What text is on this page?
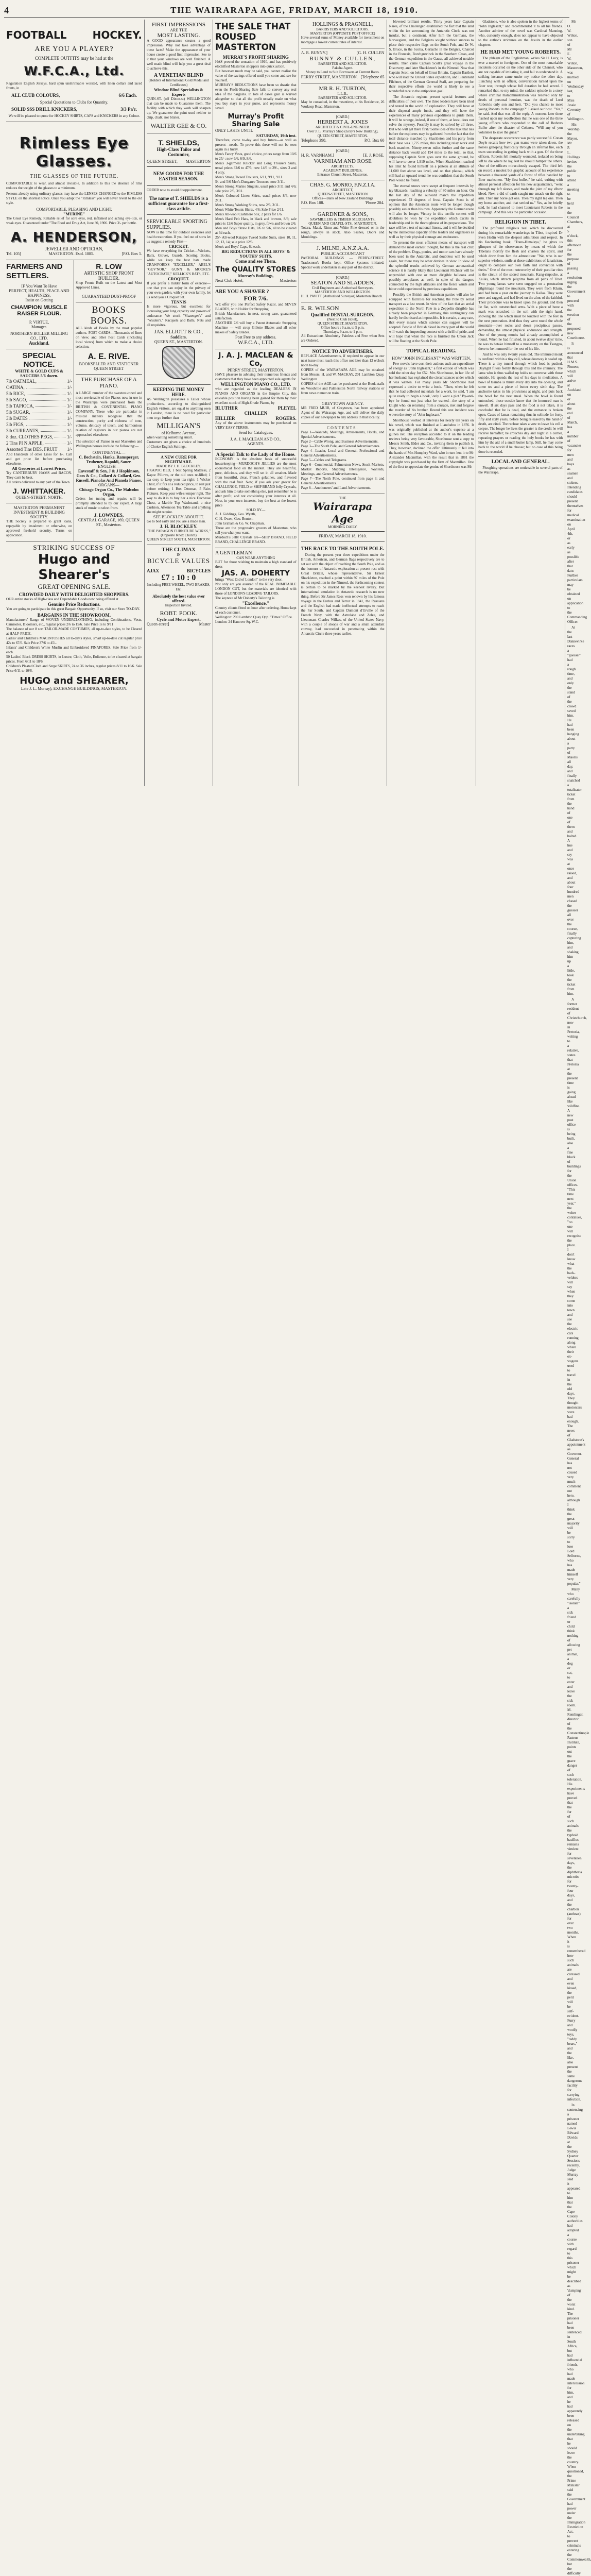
4	THE WAIRARAPA AGE, FRIDAY, MARCH 18, 1910.
FOOTBALL	HOCKEY.
ARE YOU A PLAYER?
COMPLETE OUTFITS may be had at the
W.F.C.A., Ltd.
Regulation English Jerseys, hard spun unshrinkable worsted, with linen collars and laced fronts, in
ALL CLUB COLOURS,	6/6 Each.
Special Quotations to Clubs for Quantity.
SOLID SSS DRILL KNICKERS,	3/3 Pa'r.
We will be pleased to quote for HOCKEY SHIRTS, CAPS and KNICKERS in any Colour.
Rimless Eye Glasses.
THE GLASSES OF THE FUTURE.
COMFORTABLE to wear, and almost invisible. In addition to this the absence of rims reduces the weight of the glasses to a minimum.
Persons already using ordinary glasses may have the LENSES CHANGED to the RIMLESS STYLE on the shortest notice. Once you adopt the "Rimless" you will never revert to the old style.
COMFORTABLE, PLEASING AND LIGHT.
"MURINE"
The Great Eye Remedy. Reliable relief for sore eyes, red, inflamed and aching eye-lids, or weak eyes. Guaranteed under "The Food and Drug Act, June 30, 1906. Price 3/- per bottle.
A. HENDERSON,
JEWELLER AND OPTICIAN,
Tel. 105]	MASTERTON. Estd. 1885.	[P.O. Box 5.
FARMERS AND SETTLERS.
IF You Want To Have
PERFECT, HEALTH, PEACE AND HAPPINESS,
Insist on Getting
CHAMPION MUSCLE RAISER FLOUR.
P. VIRTUE,
Manager.
NORTHERN ROLLER MILLING CO., LTD.
Auckland.
SPECIAL NOTICE.
WHITE & GOLD CUPS & SAUCERS 5/6 dozen.
7lb OATMEAL,	1/-
OATINA,	1/-
5lb RICE,	1/-
5lb SAGO,	1/-
5lb TAPIOCA,	1/-
5lb SUGAR,	1/-
3lb DATES	1/-
3lb FIGS,	1/-
3lb CURRANTS,	1/-
8 doz. CLOTHES PEGS,	1/-
2 Tins PI N APPLE,	1/-
Assorted Tins DES. FRUIT 1/-
And Hundreds of other Lines for 1/-. Call and get price list before purchasing elsewhere.
All Groceries at Lowest Prices.
Try CANTERBURY HAMS and BACON. They can't be beat.
All orders delivered to any part of the Town.
J. WHITTAKER.
QUEEN-STREET, NORTH.
MASTERTON PERMANENT INVESTMENT & BUILDING SOCIETY.
THE Society is prepared to grant loans, repayable by instalment or otherwise, on approved freehold security. Terms on application.
R. LOW
ARTISTIC SHOP FRONT BUILDER.
Shop Fronts Built on the Latest and Most Approved Lines.
GUARANTEED DUST-PROOF
BOOKS BOOKS.
ALL kinds of Books by the most popular authors. POST CARDS—Thousands of lines on view, and other Post Cards (including local views) from which to make a choice selection.
A. E. RIVE.
BOOKSELLER AND STATIONER QUEEN STREET
THE PURCHASE OF A PIANO.
A LARGE number of the sweetest-toned and most serviceable of the Pianos now in use in the Wairarapa were purchased from the BRITISH & CONTINENTAL PIANO COMPANY. These who are particular in musical matters recognise that the construction, purity and richness of tone, volume, delicacy of touch, and harmonious relation of registers in our pianos are not approached elsewhere.
The selection of Pianos in our Masterton and Wellington houses include the following:—
CONTINENTAL—
C. Bechstein, Hanke, Ramsperger, Trubener, Rapoldi, Sauer.
ENGLISH—
Eavestaff & Sen, J & J Hopkinson, Goss & Co., Collard & Collard, Geo. Russell, Pianolas And Pianola Pianos.
ORGANS—
Chicago Organ Co., The Malcolm Organ.
Orders for tuning and repairs will be promptly attended to by our expert. A large stock of music to select from.
J. LOWNDES,
CENTRAL GARAGE, 169, QUEEN ST., Masterton.
STRIKING SUCCESS OF
Hugo and Shearer's
GREAT OPENING SALE.
CROWDED DAILY WITH DELIGHTED SHOPPERS.
OUR entire stocks of High-class and Dependable Goods now being offered at
Genuine Price Reductions.
You are going to participate in this great Bargain Opportunity. If so, visit our Store TO-DAY.
BARGAINS IN THE SHOWROOM.
Manufacturers' Range of WOVEN UNDERCLOTHING, including Combinations, Vests, Camisoles, Bloomers, etc., regular prices 2/6 to 15/6. Sale Price 1s to 9/11
The balance of our 8 sort TAILOR-MADE COSTUMES, all up-to-date styles, to be Cleared at HALF-PRICE.
Ladies' and Children's MACINTOSHES all to-day's styles, smart up-to-date cut regular price 42s to 67/6. Sale Price 37/6 to 45/-.
Infants' and Children's White Muslin and Embroidered PINAFORES. Sale Price from 1/- each.
50 Ladies' Black DRESS SKIRTS, in Lustre, Cloth, Voile, Eolienne, to be cleared at bargain prices. From 6/11 to 18/6.
Children's Pleated Cloth and Serge SKIRTS, 24 to 36 inches, regular prices 8/11 to 16/6. Sale Price 6/11 to 10/6.
HUGO and SHEARER,
Late J. L. Murray), EXCHANGE BUILDINGS, MASTERTON.
FIRST IMPRESSIONS
ARE THE
MOST LASTING.
A GOOD appearance creates a good impression. Why not take advantage of these facts? Make the appearance of your house create a good first impression. See to it that your windows are well finished. A well made blind will help you a great deal to achieve this.
A VENETIAN BLIND
(Holders of International Gold Medal and Certificates)
Window Blind Specialists & Experts
QUIN-ST. (off Dixon-st) WELLINGTON that can be made to Guarantee them. The facility with which they work will sharpen up. We guarantee the paint used neither to chip, chalk, nor blister.
WALTER GEE & CO.
T. SHIELDS,
High-Class Tailor and Costumier,
QUEEN STREET, MASTERTON
NEW GOODS FOR THE EASTER SEASON.
ORDER now to avoid disappointment.
The name of T. SHIELDS is a sufficient guarantee for a first-class article.
SERVICEABLE SPORTING SUPPLIES.
NOW is the time for outdoor exercises and health restoration. If you feel out of sorts let us suggest a remedy First—
CRICKET.
We have everything for Cricket—Wickets, Balls, Gloves, Guards, Scoring Books, while we keep the best bats made CRAWFORD'S "EXCELLER," ABEL'S "GUV'NOR," GUNN & MOORE'S "AUTOCRATE," KELLICK'S BATS, ETC.
CROQUET.
If you prefer a milder form of exercise—one that you can enjoy in the privacy of your own garden, with your own family, let us send you a Croquet Set.
TENNIS
Is more vigorous, but excellent for increasing your lung capacity and powers of endurance. We stock "Slazenger's" and "Wisden's." Racquets and Balls, Nets and all requisites.
JAS. ELLIOTT & CO.,
Saddlers.
QUEEN ST., MASTERTON.
KEEPING THE MONEY HERE.
AS Wellington possesses a Tailor whose productions, according to distinguished English visitors, are equal to anything seen in London, there is no need for particular men to go further than
MILLIGAN'S
of Kelburne Avenue,
when wanting something smart.
Customers are given a choice of hundreds of Choice English Suitings.
A NEW CURE FOR NIGHTMARE.
MADE BY J. H. BLOCKLEY.
I KAPOC BED, 1 best Spring Mattress, 2 Kapoc Pillows, or the old ones re-filled; 1 tea cosy to keep your tea right; 1 Wicker Chair, if it fits at a reduced price, to rest just before retiring; 1 Box Ottoman, 5 Fairs Pictures. Keep your wife's temper right. The way to do it is to buy her a nice Duchesse Chest, a Marble Top Washstand, a nice Cushion, Afternoon Tea Table and anything she might require.
SEE BLOCKLEY ABOUT IT.
Go to bed early and you are a made man.
J. H. BLOCKLEY.
"THE PARAGON FURNITURE WORKS,"
(Opposite Knox Church)
QUEEN STREET SOUTH, MASTERTON.
THE CLIMAX
IN
BICYCLE VALUES
AJAX	BICYCLES
£7 : 10 : 0
Including FREE WHEEL, TWO BRAKES, Etc.
Absolutely the best value ever offered.
Inspection Invited.
ROBT. POOK.
Cycle and Motor Expert,
Queen-street]	Master
THE SALE THAT ROUSED MASTERTON
MURRAY'S PROFIT SHARING
HAS proved the sensation of 1910, and has positively electrified Masterton shoppers into quick action.
But however much may be said, you cannot realise the value of the savings offered until you come and see for yourself.
MURRAY'S REDUCTIONS have been so drastic that even the Profit-Sharing Sale falls to convey any real idea of the bargains. In lots of cases gain is waived altogether so that all the profit usually made on what you buy stays in your purse, and represents money saved.
Murray's Profit Sharing Sale
ONLY LASTS UNTIL
SATURDAY, 19th inst.
Therefore, come to-day and buy future—as well as present—needs. To prove this these will not be seen again in a hurry.
Men's Fancy Vests, good choice, prices range from 10/6 to 25/-; now 6/6, 6/9, 8/6.
Men's 3-garment Knicker and Long Trousers Suits, usual prices 32/6 to 47/6; now 14/6 to 29/-, sizes 3 and 4 only.
Men's Strong Tweed Trousers, 6/11, 9/11, 9/11.
5/- and 5/6 Men's Dungaree Trousers, now 3/11.
Men's Strong Marino Singlets, usual price 3/11 and 4/6; sale price 2/6, 3/11.
Men's Coloured Linen Shirts, usual prices 8/6, now 2/11.
Men's Strong Working Shirts, now 2/6, 3/11.
Men's White Tennis Shirts, 4/6; Sale Price 2/11.
Men's All-wool Cashmere Sox, 2 pairs for 1/6.
Men's Hard Felt Hats, in black and browns, 8/6; sale price is 12/6 Super quality, in grey, fawn and brown 2/6.
Men and Boys' Straw Hats, 2/6 to 5/6, all to be cleared at 6d each.
25/- All-wool Kaiapoi Tweed Sailor Suits, sizes 10, 11, 12, 13, 14; sale price 12/6.
Men's and Boys' Caps, 6d each.
BIG REDUCTIONS IN ALL BOYS' & YOUTHS' SUITS.
Come and see Them.
The QUALITY STORES
Murray's Buildings,
Next Club Hotel,	Masterton
ARE YOU A SHAVER ?
FOR 7/6.
WE offer you one Perfect Safety Razor, and SEVEN BLADES, with Holder for Stropping.
British Manufacture, in neat, strong case, guaranteed satisfaction.
ANOTHER 7/6 will buy a Patent Automatic Stropping Machine — will strop Gillette Blades and all other makes of Safety Blades.
Post Free to any address.
W.F.C.A., LTD.
J. A. J. MACLEAN & Co,
PERRY STREET, MASTERTON.
HAVE pleasure in advising their numerous friends and customers that they have been appointed sole agents for
WELLINGTON PIANO CO., LTD.
who are regarded as the leading DEALERS IN PIANOS AND ORGANS in the Empire City, this enviable position having been gained for them by their excellent stock of High-Grade Pianos, by
BLUTHER	PLEYEL
CHALLEN
HILLIER	ROGERS.
Any of the above instruments may be purchased on VERY EASY TERMS.
Send for Catalogues.
J. A. J. MACLEAN AND CO.,
AGENTS.
A Special Talk to the Lady of the House.
ECONOMY is the absolute basis of successful housekeeping—MURDOCH'S JELLIES are the most economical food on the market. They are healthful, pure, delicious, and they will set in all weather. Made from beautiful, clear, French gelatines, and flavored with the real fruit. Now, if you ask your grocer for CHALLENGE, FIELD or SHIP BRAND Jelly Crystals, and ask him to take something else, just remember he is after profit, and not considering your interests at all. Now, in your own interests, buy the best at the lowest price
SOLD BY—
A. J. Giddings, Geo. Wyeth,
C. H. Owen, Geo. Benton.
John Graham & Co. W. Chapman.
These are the progressive grocers of Masterton, who sell you what you want.
Murdoch's Jelly Crystals are—SHIP BRAND, FIELD BRAND, CHALLENGE BRAND.
A GENTLEMAN
CAN WEAR ANYTHING
BUT for those wishing to maintain a high standard of dress
JAS. A. DOHERTY
brings "West End of London" to the very door.
Not only are you assured of the REAL INIMITABLE LONDON CUT, but the materials are identical with those of LONDON'S LEADING TAILORS.
The keynote of Mr Doherty's Tailoring is
"Excellence."
Country clients fitted on hour after ordering. Home kept of each customer.
Wellington: 200 Lambton Quay Opp. "Times" Office.
London: 24 Hanover Sq. W.C.
HOLLINGS & PRAGNELL,
BARRISTERS AND SOLICITORS.
MASTERTON (OPPOSITE POST OFFICE)
Have several sums of Money available for investment on mortgage a lowest current rates of interest.
A. R. BUNNY.]	[G. H. CULLEN
BUNNY & CULLEN,
BARRISTER AND SOLICITOR.
Pakeha Agent.
Money to Lend to Suit Borrowers at Current Rates.
PERRY STREET, MASTERTON. [Telephone 65
MR R. H. TURTON,
L.L.B.,
BARRISTER AND SOLICITOR.
May be consulted, in the meantime, at his Residence, 26 Worksop Road, Masterton.
[CARD.]
HERBERT A. JONES
ARCHITECT & CIVIL-ENGINEER.
Over J. L. Murray's Shop (Gray's New Building),
QUEEN STREET, MASTERTON.
Telephone 398.	P.O. Box 60
[CARD.]
H. R. VARNHAM.]	[E. J. ROSE.
VARNHAM AND ROSE
ARCHITECTS,
ACADEMY BUILDINGS,
Entrance Church Street, Masterton.
CHAS. G. MONRO, F.N.Z.I.A.
ARCHITECT,
QUEEN-STREET, MASTERTON
Offices—Bank of New Zealand Buildings
P.O. Box 108.	'Phone 284.
GARDNER & SONS,
SAWMILLERS & TIMBER MERCHANTS,
QUEEN AND CHAPEL-STS., MASTERTON.
Totara, Matai, Rimu and White Pine dressed or in the rough, always in stock. Also Sashes, Doors and Mouldings.
J. MILNE, A.N.Z.A.A.
PUBLIC ACCOUNTANT
PASTORAL BUILDINGS — PERRY-STREET. Tradesmen's Books kept. Office Systems initiated. Special work undertaken in any part of the district.
[CARD.]
SEATON AND SLADDEN,
Civil Engineers and Authorised Surveyors,
MASTERTON AND WELLINGTON.
H. H. PAVITT (Authorised Surveyor) Masterton Branch.
E. R. WILSON
Qualified DENTAL SURGEON,
(Next to Club Hotel),
QUEEN STREET, MASTERTON.
Office hours : 9 a.m. to 5 p.m.
Thursdays, 9 a.m. to 1 p.m.
All Extractions Absolutely Painless and Free when Sets are Ordered.
NOTICE TO ADVERTISERS.
REPLACE Advertisements, if required to appear in our next issue must reach this office not later than 12 o'clock noon to-day
COPIES of the WAIRARAPA AGE may be obtained from Messrs. H. and W. MACKAY, 201 Lambton Quay, Wellington
COPIES of the AGE can be purchased at the Book-stalls on Woodville and Palmerston North railway stations or from news runner on train.
GREYTOWN AGENCY.
MR FRED MUIR, of Greytown, has been appointed Agent of the Wairarapa Age, and will deliver the daily copies of our newspaper to any address in that locality.
CONTENTS.
Page 1—Wanteds, Meetings, Amusements, Hotels, and Special Advertisements.
Page 2—Cable Wrong, and Business Advertisements.
Page 3—The South Pole, and General Advertisements.
Page 4—Leader, Local and General, Professional and General Advertisements.
Page 5—Cables and Telegrams.
Page 6—Commercial, Palmerston News, Stock Markets, Market Reports, Shipping Intelligence, Wanteds, Meetings, and General Advertisements.
Page 7—The North Pole, continued from page 3; and General Advertisements.
Page 8—Auctioneers' and Land Advertisements.
THE
Wairarapa Age
MORNING DAILY.
FRIDAY, MARCH 18, 1910.
THE RACE TO THE SOUTH POLE.

During the present year three expeditions under the British, American, and German flags respectively are to set out with the object of reaching the South Pole, and as the honours of Antarctic exploration at present rest with Great Britain, whose representative, Sir Ernest Shackleton, reached a point within 97 miles of the Pole on his expedition in the Nimrod, the forthcoming contest is certain to be marked by the keenest rivalry. But international emulation in Antarctic research is no new thing. Before Sir James Ross won renown by his famous voyage in the Erebus and Terror in 1841, the Russians and the English had made ineffectual attempts to reach the Far South, and Captain Dumont d'Urville of the French Navy, with the Astrolabe and Zelee, and Lieutenant Charles Wilkes, of the United States Navy, with a couple of sloops of war and a small attendant convoy, had succeeded in penetrating within the Antarctic Circle three years earlier.

blevered brilliant results. Thirty years later Captain Nares, of the Challenger, established the fact that the land within the ice surrounding the Antarctic Circle was not insular, but a continent. After him the Germans, the Norwegians, and the Belgians sought without success to place their respective flags on the South Pole, and Dr W. S. Bruce, in the Scotia, Gerlache in the Belgica, Charcot in the Francais, Borchgrevinck in the Southern Cross, and the German expedition in the Gauss, all achieved notable results. Then came Captain Scott's great voyage in the Discovery, and later Shackleton's in the Nimrod. Now that Captain Scott, on behalf of Great Britain, Captain Bartlett, who will lead the United States expedition, and Lieutenant Filchner, of the German General Staff, are preparing for their respective efforts the world is likely to see a wonderful race to the antipodean goal.

The Antarctic regions present special features and difficulties of their own. The three leaders have been tried and tested in the world of exploration. They will have at their disposal ample funds, and they will have the experiences of many previous expeditions to guide them. It will be strange, indeed, if one of them, at least, does not solve the mystery. Possibly it may be solved by all three. But who will get there first? Some idea of the task that lies before the explorers may be gathered from the fact that the total distance marched by Shackleton and his party from their base was 1,725 miles, this including relay work and back marches. Ninety-seven miles further and the same distance back would add 194 miles to the total, so that, supposing Captain Scott goes over the same ground, he will have to cover 1,919 miles. When Shackleton reached his limit he found himself on a plateau at an altitude of 11,600 feet above sea level, and on that plateau, which still had an upward trend, he was confident that the South Pole would be found.

The eternal snows were swept at frequent intervals by icy blizzards, reaching a velocity of 80 miles an hour. On the last day of the outward march the expedition experienced 72 degrees of frost. Captain Scott is of opinion that the American route will be longer though possibly easier than his own. Apparently the German route will also be longer. Victory in this terrific contest will doubtless be won by the expedition which excels in leadership and in the thoroughness of its preparations. The race will be a test of national fitness, and it will be decided by the intellectual capacity of the leaders and organisers as well as by their physical courage and endurance.

To present the most efficient means of transport will demand the most earnest thought, for this is the real crux of the problem. Dogs, ponies, and motor cars have already been used in the Antarctic, and doubtless will be used again, but there may be other devices in view. In view of the splendid results achieved by German aeronautical science it is hardly likely that Lieutenant Filchner will be unprovided with one or more dirigible balloons and possibly aeroplanes as well, in spite of the dangers connected by the high altitudes and the fierce winds and bitter cold experienced by previous expeditions.

Possibly the British and American parties will also be equipped with facilities for reaching the Pole by aerial transport as a last resort. In view of the fact that an aerial expedition to the North Pole in a Zeppelin dirigible has already been projected in Germany, this contingency can hardly be dismissed as impossible. It is certain, at any rate, that every means which science can suggest will be adopted. People of British blood in every part of the world will watch the impending contest with a thrill of pride, and will hope that when the race is finished the Union Jack will be floating at the South Pole.

TOPICAL READING.
HOW "JOHN INGLESANT" WAS WRITTEN.

Few novels have cost their authors such an expenditure of energy as "John Inglesant," a first edition of which was sold the other day for £52. Mrs Shorthouse, in her life of her husband, has explained the circumstances under which it was written. For many years Mr Shorthouse had expressed a desire to write a book. "Then, when he felt that he had collected materials for a work, he said, 'I am quite ready to begin a book,' only I want a plot.' By-and-bye he found out just what he wanted—the story of a knight who, on returning from a crusade, met and forgave the murder of his brother. Round this one incident was woven the story of "John Inglesant."

Shorthouse worked at intervals for nearly ten years on his novel, which was finished at Llandudno in 1876. It was originally published at the author's expense at a guinea net. The reception accorded to it on the leading reviews being very favourable, Shorthouse sent a copy to Messrs Smith, Elder and Co., inviting them to publish it. They, however, declined the offer. Ultimately it fell into the hands of Mrs Humphry Ward, who in turn lent it to Mr Alexander Macmillan, with the result that in 1881 the copyright was purchased by the firm of Macmillan. One of the first to appreciate the genius of Shorthouse was Mr

Gladstone, who is also spoken in the highest terms of "John Inglesant," and recommended it to all his friends. Another admirer of the novel was Cardinal Manning, who, curiously enough, does not appear to have objected to the author's strictures on the Jesuits in the earlier chapters.

HE HAD MET YOUNG ROBERTS.

The phlegm of the Englishman, writes Sir H. Lucy, is ever a marvel to foreigners. One of the most remarkable incidents occurred on the other side of the Channel, who are not capable of imitating it, and fail to understand it. A striking instance came under my notice the other day. Lunching with an officer, conversation turned upon the Boer war, through whose full duration he had served. I remarked that, to my mind, the saddest episode in a story where criminal maladministration was relieved only by deeds of personal heroism, was the death of Lord Roberts's only son and heir. "Did you chance to meet young Roberts in the campaign?" I asked our host. "Yes," he said. And that was all the reply. A moment later there flashed upon my recollection that he was one of the three young officers who responded to the call of Redvers Buller after the disaster of Colenso. "Will any of you volunteer to save the guns?"

The desperate occurrence was partly successful. Conan Doyle recalls how two gun teams were taken down, the horses galloping frantically through an infernal fire, each team succeeding in getting back with a gun. Of the three officers, Roberts fell mortally wounded, isolated on being left to die where he lay, lest he should hamper the others. One of the officers miraculously escaped. The third left on record a modest but graphic account of his experience between a thousand yards of a forest of rifles handled by Boer marksmen. "My first bullet," he said, writing with almost personal affection for his new acquaintance, "went through my left sleeve, and made the joint of my elbow bleed. Next a did of earth caught me smack on the right arm. Then my horse got one. Then my right leg one. Then my horse another, and that settled us." Yes, as he briefly said, he had chanced to meet Lieutenant Roberts in the campaign. And this was the particular occasion.

RELIGION IN TIBET.

The profound religious zeal which he discovered during his remarkable wanderings in Tibet, inspired Dr Sven Hedin with the deepest admiration and respect. In his fascinating book, "Trans-Himalaya," he gives us glimpses of the observances by means of which the Tibetans mortify the flesh and chasten the spirit, and which drew from him the admonition: "We, who in our superior wisdom, smile at these exhibitions of fanaticism, ought to compare our own faith and conviction with theirs." One of the most noteworthy of their peculiar rites is the circuit of the sacred mountain, Kang-rinpoche, at Kailas, which attracts pilgrims from all parts of Tibet. Two young lamas were seen engaged on a prostration pilgrimage round the mountain. They were from Kham, and had been a year on the journey to Kailas. They were poor and ragged, and had lived on the alms of the faithful. Their procedure was to kneel upon the ground, and then lie flat, with outstretched arms. With a piece of bone a mark was scratched in the soil with the right hand, showing the line which must be touched with the feet in the next prostration. And thus they went round the whole mountain—over rocks and down precipitous passes, demanding the utmost physical endurance and strength. One of the young monks had already accomplished a round. When he had finished, in about twelve days' time, he was to betake himself to a monastery on the Tsangpo, there to be immured for the rest of his life.

And he was only twenty years old. The immured monk is confined within a tiny cell, whose doorway is sealed up. There is a tiny tunnel through which food is pushed. Daylight filters feebly through this and the chimney. The lama who is thus walled up holds no converse with those outside. He spends the rest of his days in meditation. A bowl of tsamba is thrust every day into the opening, and some tea and a piece of butter every sixth day. The anchorite takes in his provisions at night, and puts back the bowl for the next meal. When the bowl is found untouched, those outside know that the immured man is unwell. If six days pass and the food is not taken, it is concluded that he is dead, and the entrance is broken open. Cases of lamas remaining thus in solitude for forty, fifty and sixty years, before being released by the hand of death, are cited. The recluse takes a vow to leave his cell a corpse. The longer he lives the greater is the credit he will receive hereafter; he crouches day and night in a corner, repeating prayers or reading the holy books he has with him by the aid of a small butter lamp. Still, he may come back to the world if he choose; but no case of this being done is recorded.

LOCAL AND GENERAL.

Ploughing operations are noticeable in several parts of the Wairarapa.

Mr O. W. Wilton, son of Mr E. W. Wilton, Masterton, was married on Wednesday last, to Miss Jessie Coventry, of Wellington.

His Worship the Mayor, Mr P. L. Hollings invites the public to attend a meeting to be held in the Council Chambers, at 5 o'clock, this afternoon for the purpose of passing a resolution urging the Government to proceed with the erection of the proposed new Courthouse.

It is announced that H.M.S. Pioneer, which will arrive at Auckland on or about the end of March, has a number of vacancies for men and boys as seamen and stokers. Intending candidates should present themselves for medical examination on April 4th, or as early as possible after that date. Further particulars may be obtained on application to the Commanding Officer.

At the last Dannevirke races a "guesser" had a rough time, and only the stand of the crowd saved him. He had been hanging about a party of Maoris all day, and finally snatched a totalisator ticket from the hand of one of them and bolted. A hue and cry was at once raised, and about four hundred men chased the guesser all over the course, finally capturing him, and shaking him up a little, took the ticket from him.

A former resident of Christchurch, now in Pretoria, writing to a relative, states that Pretoria at the present time is going ahead like wildfire. A new post office is being built, also a fine block of buildings for the Union offices. "This time next year," the writer continues, "no one will recognise the place. I don't know what the back-velders will say when they come into town and see the electric cars running along where their ox-wagons used to travel in the old days. They thought motorcars were bad enough. The news of Gladstone's appointment as Governor-General has not caused very much comment out here, although I think the great majority will be sorry to lose Lord Selborne, who has made himself very popular."

Many who carefully "isolate" a sick friend or child think nothing of allowing pet animal, a dog or cat, to enter and leave the sick room. M. Remlinger, director of the Constantinople Pasteur Institute, points out the grave danger of such toleration. His experiments have proved that the fur of such animals the typhoid bacillus remains virulent for seventeen days, the diphtheria microbe for twenty-four days, and the charbon (anthrax) for over two months. When it is remembered how such animals are caressed and even kissed, the peril will be self-evident. Furry and woolly toys, "teddy bears," and the like, also present the same dangerous facility for carrying infection.

In sentencing a prisoner named Lewis Edward Davids at the Sydney Quarter Sessions recently, Judge Murray said it appeared to him that the Cape Colony authorities had adopted a course with regard to this prisoner which might be described as 'dumping' of the worst kind. The prisoner had been sentenced in South Africa, but had influential friends, who had made intercession for him, and he had apparently been released on the undertaking that he should leave the country. When questioned, the Prime Minister said the Government had power under the Immigration Restriction Act, to prevent criminals entering the Commonwealth, but the difficulty
